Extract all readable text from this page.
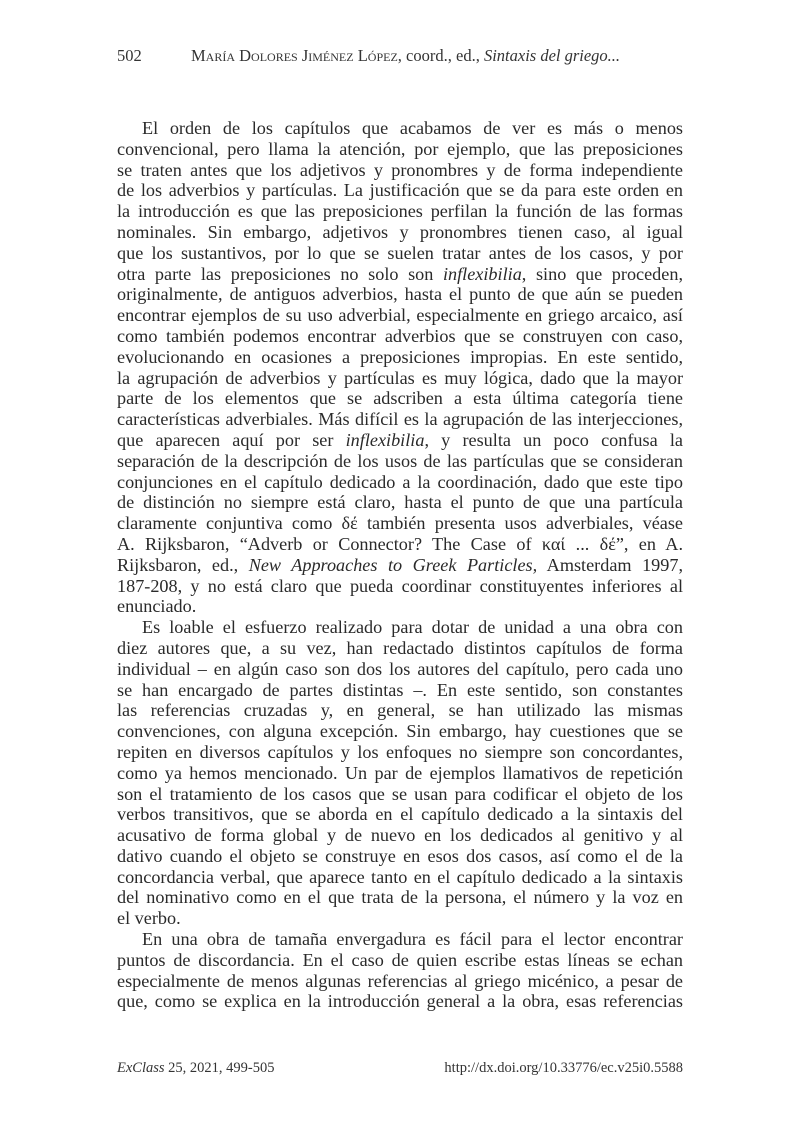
502	María Dolores Jiménez López, coord., ed., Sintaxis del griego...
El orden de los capítulos que acabamos de ver es más o menos
convencional, pero llama la atención, por ejemplo, que las preposiciones
se traten antes que los adjetivos y pronombres y de forma independiente
de los adverbios y partículas. La justificación que se da para este orden en
la introducción es que las preposiciones perfilan la función de las formas
nominales. Sin embargo, adjetivos y pronombres tienen caso, al igual
que los sustantivos, por lo que se suelen tratar antes de los casos, y por
otra parte las preposiciones no solo son inflexibilia, sino que proceden,
originalmente, de antiguos adverbios, hasta el punto de que aún se pueden
encontrar ejemplos de su uso adverbial, especialmente en griego arcaico, así
como también podemos encontrar adverbios que se construyen con caso,
evolucionando en ocasiones a preposiciones impropias. En este sentido,
la agrupación de adverbios y partículas es muy lógica, dado que la mayor
parte de los elementos que se adscriben a esta última categoría tiene
características adverbiales. Más difícil es la agrupación de las interjecciones,
que aparecen aquí por ser inflexibilia, y resulta un poco confusa la
separación de la descripción de los usos de las partículas que se consideran
conjunciones en el capítulo dedicado a la coordinación, dado que este tipo
de distinción no siempre está claro, hasta el punto de que una partícula
claramente conjuntiva como δέ también presenta usos adverbiales, véase
A. Rijksbaron, “Adverb or Connector? The Case of καί ... δέ”, en A.
Rijksbaron, ed., New Approaches to Greek Particles, Amsterdam 1997,
187-208, y no está claro que pueda coordinar constituyentes inferiores al
enunciado.
Es loable el esfuerzo realizado para dotar de unidad a una obra con
diez autores que, a su vez, han redactado distintos capítulos de forma
individual – en algún caso son dos los autores del capítulo, pero cada uno
se han encargado de partes distintas –. En este sentido, son constantes
las referencias cruzadas y, en general, se han utilizado las mismas
convenciones, con alguna excepción. Sin embargo, hay cuestiones que se
repiten en diversos capítulos y los enfoques no siempre son concordantes,
como ya hemos mencionado. Un par de ejemplos llamativos de repetición
son el tratamiento de los casos que se usan para codificar el objeto de los
verbos transitivos, que se aborda en el capítulo dedicado a la sintaxis del
acusativo de forma global y de nuevo en los dedicados al genitivo y al
dativo cuando el objeto se construye en esos dos casos, así como el de la
concordancia verbal, que aparece tanto en el capítulo dedicado a la sintaxis
del nominativo como en el que trata de la persona, el número y la voz en
el verbo.
En una obra de tamaña envergadura es fácil para el lector encontrar
puntos de discordancia. En el caso de quien escribe estas líneas se echan
especialmente de menos algunas referencias al griego micénico, a pesar de
que, como se explica en la introducción general a la obra, esas referencias
ExClass 25, 2021, 499-505	http://dx.doi.org/10.33776/ec.v25i0.5588
